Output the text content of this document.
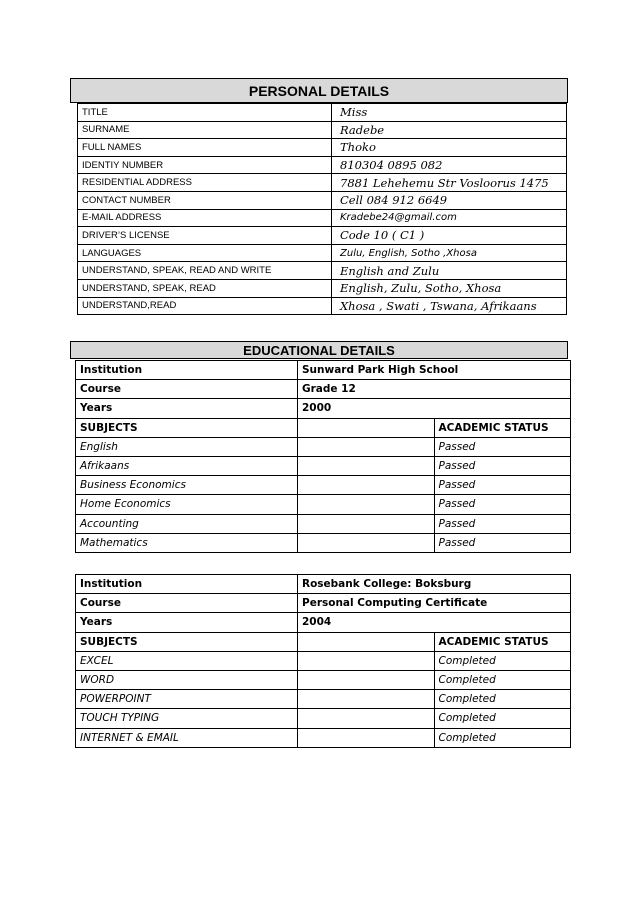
PERSONAL DETAILS
TITLE	Miss
SURNAME	Radebe
FULL NAMES	Thoko
IDENTIY NUMBER	810304 0895 082
RESIDENTIAL ADDRESS	7881 Lehehemu Str Vosloorus 1475
CONTACT NUMBER	Cell 084 912 6649
E-MAIL ADDRESS	Kradebe24@gmail.com
DRIVER’S LICENSE	Code 10 ( C1 )
LANGUAGES	Zulu, English, Sotho ,Xhosa
UNDERSTAND, SPEAK, READ AND WRITE	English and Zulu
UNDERSTAND, SPEAK, READ	English, Zulu, Sotho, Xhosa
UNDERSTAND,READ	Xhosa , Swati , Tswana, Afrikaans
EDUCATIONAL DETAILS
Institution	Sunward Park High School	
Course	Grade 12	
Years	2000	
SUBJECTS		ACADEMIC STATUS
English		Passed
Afrikaans		Passed
Business Economics		Passed
Home Economics		Passed
Accounting		Passed
Mathematics		Passed
Institution	Rosebank College: Boksburg	
Course	Personal Computing Certificate	
Years	2004	
SUBJECTS		ACADEMIC STATUS
EXCEL		Completed
WORD		Completed
POWERPOINT		Completed
TOUCH TYPING		Completed
INTERNET & EMAIL		Completed
